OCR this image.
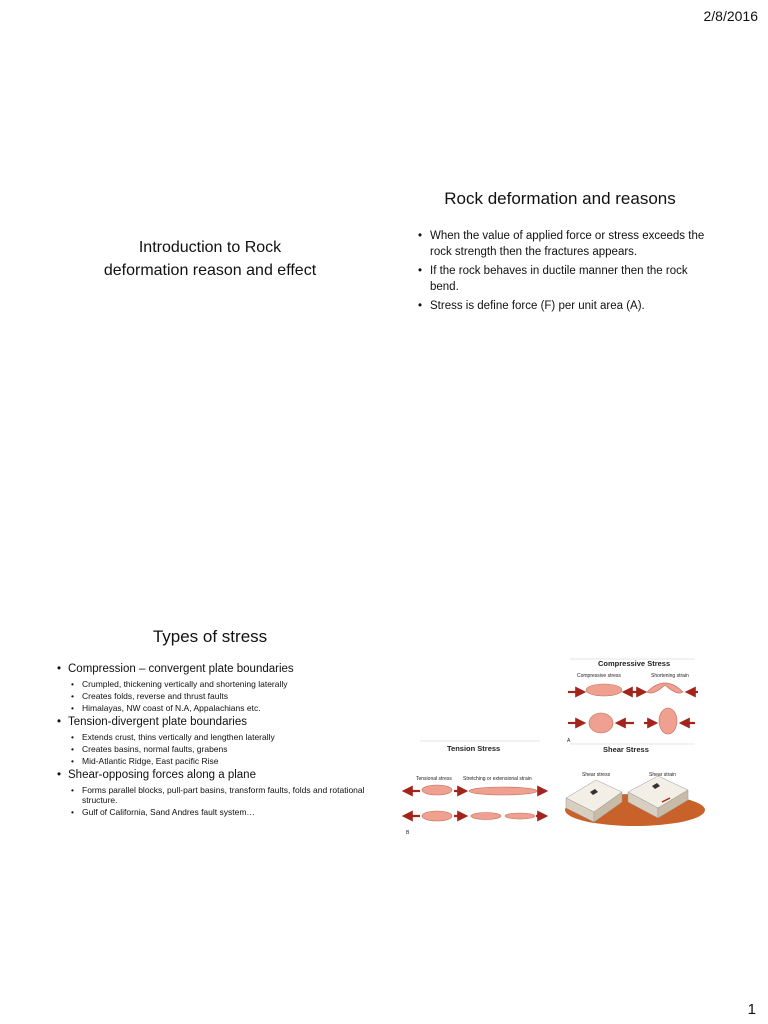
2/8/2016
Introduction to Rock
deformation reason and effect
Rock deformation and reasons
• When the value of applied force or stress exceeds the rock strength then the fractures appears.
• If the rock behaves in ductile manner then the rock bend.
• Stress is define force (F) per unit area (A).
Types of stress
• Compression – convergent plate boundaries
• Crumpled, thickening vertically and shortening laterally
• Creates folds, reverse and thrust faults
• Himalayas, NW coast of N.A, Appalachians etc.
• Tension-divergent plate boundaries
• Extends crust, thins vertically and lengthen laterally
• Creates basins, normal faults, grabens
• Mid-Atlantic Ridge, East pacific Rise
• Shear-opposing forces along a plane
• Forms parallel blocks, pull-part basins, transform faults, folds and rotational structure.
• Gulf of California, Sand Andres fault system…
Compressive Stress
Compressive stress	Shortening strain
A
Tension Stress
Tensional stress Stretching or extensional strain
B
Shear Stress
Shear stress	Shear strain
1
